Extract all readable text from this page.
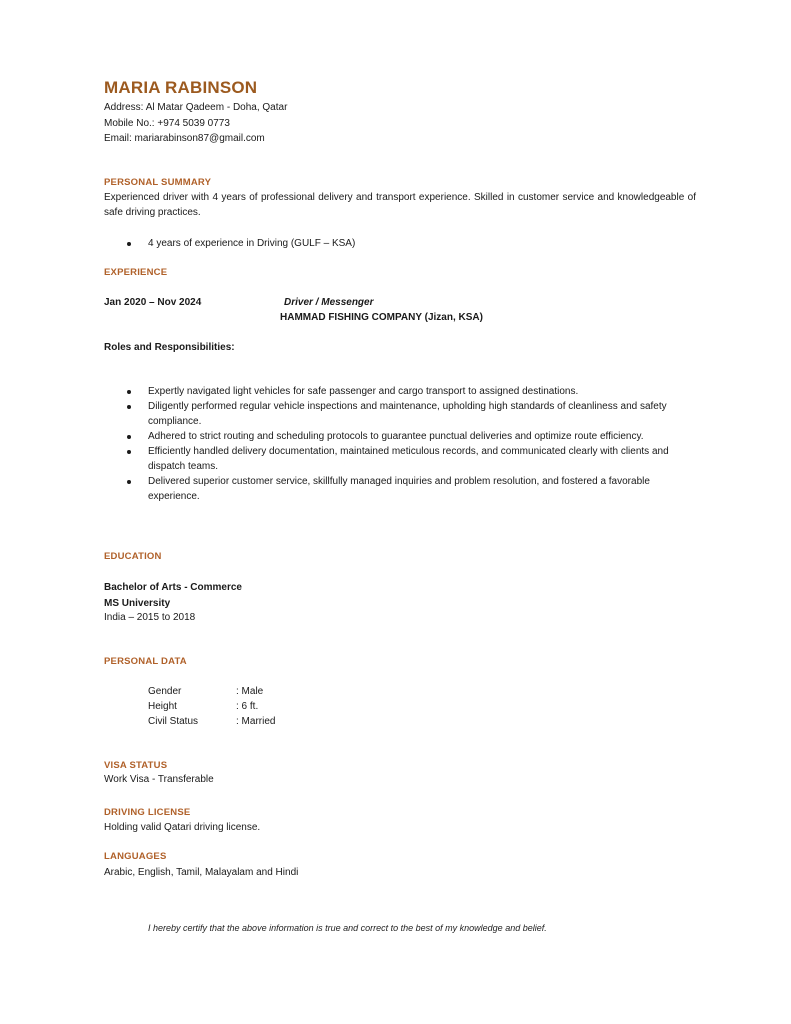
MARIA RABINSON
Address: Al Matar Qadeem - Doha, Qatar
Mobile No.: +974 5039 0773
Email: mariarabinson87@gmail.com
PERSONAL SUMMARY
Experienced driver with 4 years of professional delivery and transport experience. Skilled in customer service and knowledgeable of safe driving practices.
4 years of experience in Driving (GULF – KSA)
EXPERIENCE
Jan 2020 – Nov 2024	Driver / Messenger
HAMMAD FISHING COMPANY (Jizan, KSA)
Roles and Responsibilities:
Expertly navigated light vehicles for safe passenger and cargo transport to assigned destinations.
Diligently performed regular vehicle inspections and maintenance, upholding high standards of cleanliness and safety compliance.
Adhered to strict routing and scheduling protocols to guarantee punctual deliveries and optimize route efficiency.
Efficiently handled delivery documentation, maintained meticulous records, and communicated clearly with clients and dispatch teams.
Delivered superior customer service, skillfully managed inquiries and problem resolution, and fostered a favorable experience.
EDUCATION
Bachelor of Arts - Commerce
MS University
India – 2015 to 2018
PERSONAL DATA
Gender	: Male
Height	: 6 ft.
Civil Status	: Married
VISA STATUS
Work Visa - Transferable
DRIVING LICENSE
Holding valid Qatari driving license.
LANGUAGES
Arabic, English, Tamil, Malayalam and Hindi
I hereby certify that the above information is true and correct to the best of my knowledge and belief.
